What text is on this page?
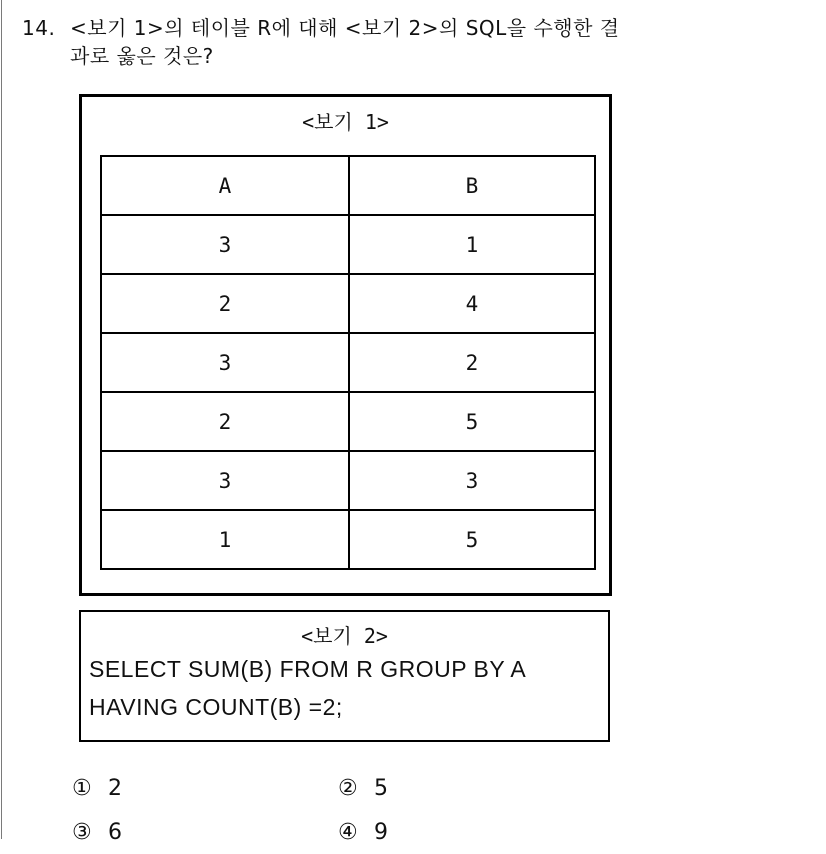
14. <보기 1>의 테이블 R에 대해 <보기 2>의 SQL을 수행한 결
과로 옳은 것은?
<보기 1>
A	B
3	1
2	4
3	2
2	5
3	3
1	5
<보기 2>
SELECT SUM(B) FROM R GROUP BY A
HAVING COUNT(B) =2;
① 2	② 5
③ 6	④ 9
